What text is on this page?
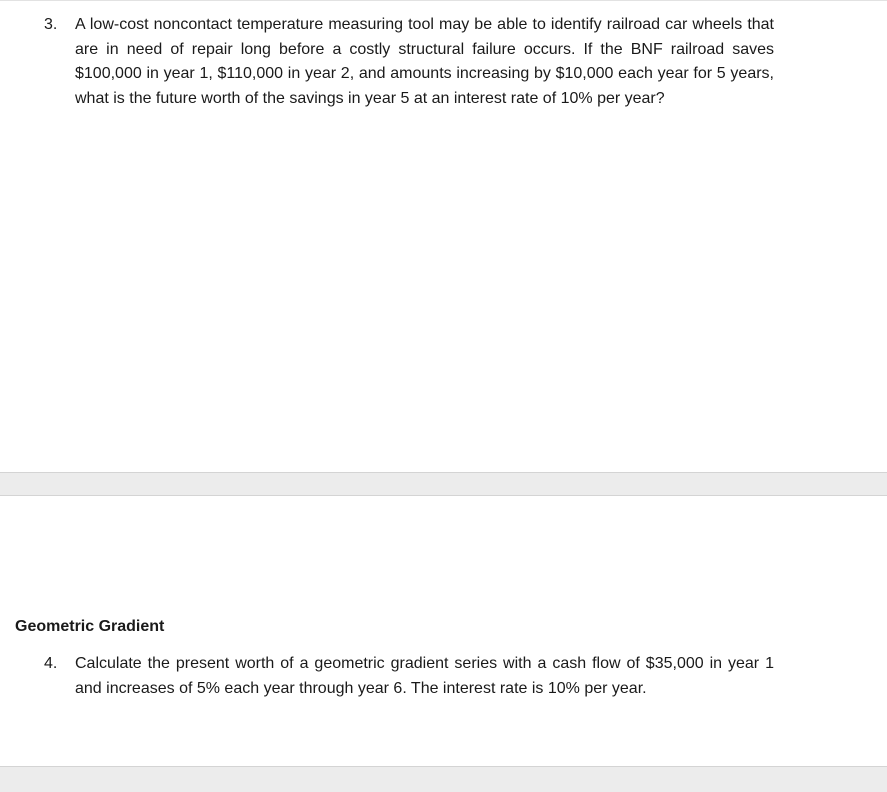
3.	A low-cost noncontact temperature measuring tool may be able to identify railroad car wheels that are in need of repair long before a costly structural failure occurs. If the BNF railroad saves $100,000 in year 1, $110,000 in year 2, and amounts increasing by $10,000 each year for 5 years, what is the future worth of the savings in year 5 at an interest rate of 10% per year?
Geometric Gradient
4.	Calculate the present worth of a geometric gradient series with a cash flow of $35,000 in year 1 and increases of 5% each year through year 6. The interest rate is 10% per year.
